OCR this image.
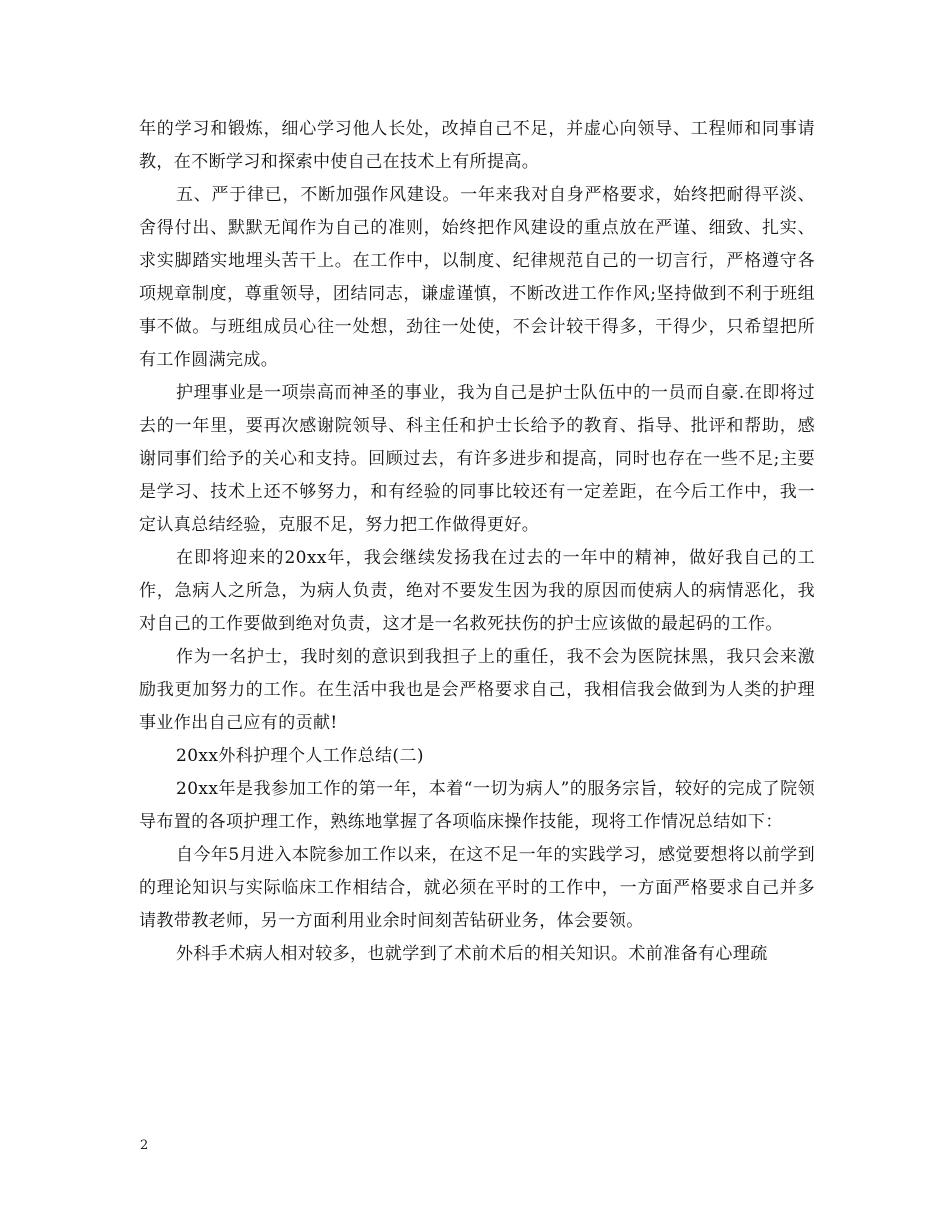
年的学习和锻炼，细心学习他人长处，改掉自己不足，并虚心向领导、工程师和同事请教，在不断学习和探索中使自己在技术上有所提高。

五、严于律已，不断加强作风建设。一年来我对自身严格要求，始终把耐得平淡、舍得付出、默默无闻作为自己的准则，始终把作风建设的重点放在严谨、细致、扎实、求实脚踏实地埋头苦干上。在工作中，以制度、纪律规范自己的一切言行，严格遵守各项规章制度，尊重领导，团结同志，谦虚谨慎，不断改进工作作风;坚持做到不利于班组事不做。与班组成员心往一处想，劲往一处使，不会计较干得多，干得少，只希望把所有工作圆满完成。

护理事业是一项崇高而神圣的事业，我为自己是护士队伍中的一员而自豪.在即将过去的一年里，要再次感谢院领导、科主任和护士长给予的教育、指导、批评和帮助，感谢同事们给予的关心和支持。回顾过去，有许多进步和提高，同时也存在一些不足;主要是学习、技术上还不够努力，和有经验的同事比较还有一定差距，在今后工作中，我一定认真总结经验，克服不足，努力把工作做得更好。

在即将迎来的20xx年，我会继续发扬我在过去的一年中的精神，做好我自己的工作，急病人之所急，为病人负责，绝对不要发生因为我的原因而使病人的病情恶化，我对自己的工作要做到绝对负责，这才是一名救死扶伤的护士应该做的最起码的工作。

作为一名护士，我时刻的意识到我担子上的重任，我不会为医院抹黑，我只会来激励我更加努力的工作。在生活中我也是会严格要求自己，我相信我会做到为人类的护理事业作出自己应有的贡献!

20xx外科护理个人工作总结(二)

20xx年是我参加工作的第一年，本着“一切为病人”的服务宗旨，较好的完成了院领导布置的各项护理工作，熟练地掌握了各项临床操作技能，现将工作情况总结如下：

自今年5月进入本院参加工作以来，在这不足一年的实践学习，感觉要想将以前学到的理论知识与实际临床工作相结合，就必须在平时的工作中，一方面严格要求自己并多请教带教老师，另一方面利用业余时间刻苦钻研业务，体会要领。

外科手术病人相对较多，也就学到了术前术后的相关知识。术前准备有心理疏

2
